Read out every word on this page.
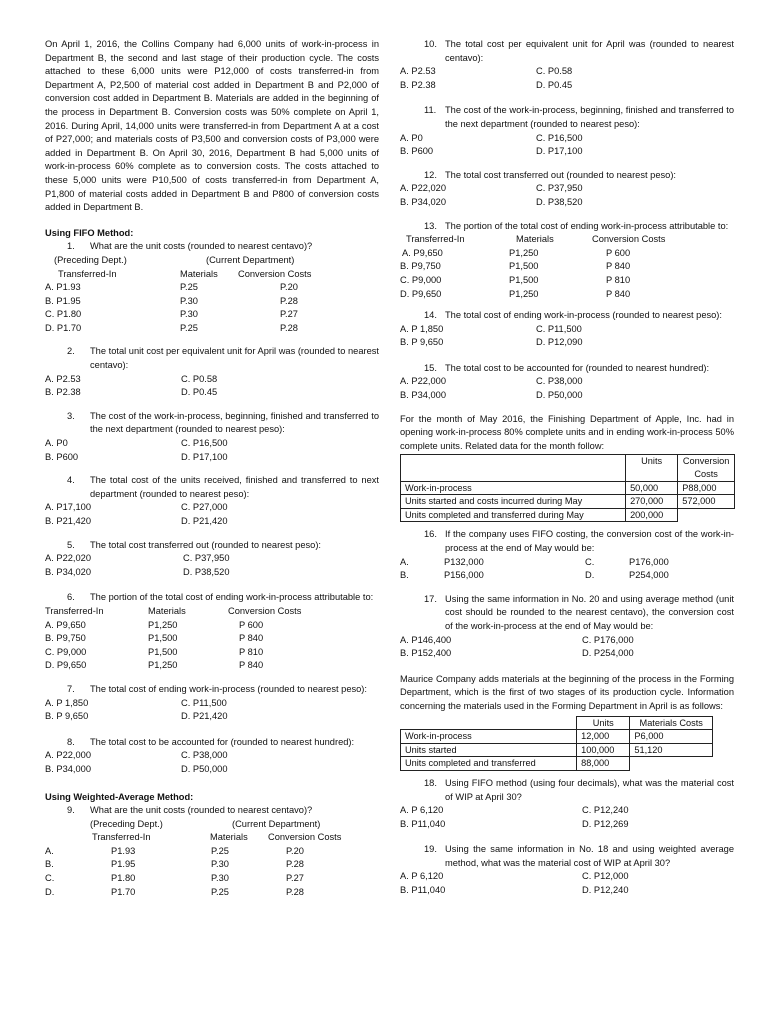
On April 1, 2016, the Collins Company had 6,000 units of work-in-process in Department B, the second and last stage of their production cycle. The costs attached to these 6,000 units were P12,000 of costs transferred-in from Department A, P2,500 of material cost added in Department B and P2,000 of conversion cost added in Department B. Materials are added in the beginning of the process in Department B. Conversion costs was 50% complete on April 1, 2016. During April, 14,000 units were transferred-in from Department A at a cost of P27,000; and materials costs of P3,500 and conversion costs of P3,000 were added in Department B. On April 30, 2016, Department B had 5,000 units of work-in-process 60% complete as to conversion costs. The costs attached to these 5,000 units were P10,500 of costs transferred-in from Department A, P1,800 of material costs added in Department B and P800 of conversion costs added in Department B.

Using FIFO Method:

1. What are the unit costs (rounded to nearest centavo)?
(Preceding Dept.)	(Current Department)
Transferred-In	Materials	Conversion Costs
A. P1.93	P.25	P.20
B. P1.95	P.30	P.28
C. P1.80	P.30	P.27
D. P1.70	P.25	P.28
2. The total unit cost per equivalent unit for April was (rounded to nearest centavo):
A. P2.53	C. P0.58
B. P2.38	D. P0.45
3. The cost of the work-in-process, beginning, finished and transferred to the next department (rounded to nearest peso):
A. P0	C. P16,500
B. P600	D. P17,100
4. The total cost of the units received, finished and transferred to next department (rounded to nearest peso):
A. P17,100	C. P27,000
B. P21,420	D. P21,420
5. The total cost transferred out (rounded to nearest peso):
A. P22,020	C. P37,950
B. P34,020	D. P38,520
6. The portion of the total cost of ending work-in-process attributable to:
Transferred-In	Materials	Conversion Costs
A. P9,650	P1,250	P 600
B. P9,750	P1,500	P 840
C. P9,000	P1,500	P 810
D. P9,650	P1,250	P 840
7. The total cost of ending work-in-process (rounded to nearest peso):
A. P 1,850	C. P11,500
B. P 9,650	D. P21,420
8. The total cost to be accounted for (rounded to nearest hundred):
A. P22,000	C. P38,000
B. P34,000	D. P50,000

Using Weighted-Average Method:

9. What are the unit costs (rounded to nearest centavo)?
(Preceding Dept.)	(Current Department)
Transferred-In	Materials	Conversion Costs
A.	P1.93	P.25	P.20
B.	P1.95	P.30	P.28
C.	P1.80	P.30	P.27
D.	P1.70	P.25	P.28
10. The total cost per equivalent unit for April was (rounded to nearest centavo):
A. P2.53	C. P0.58
B. P2.38	D. P0.45
11. The cost of the work-in-process, beginning, finished and transferred to the next department (rounded to nearest peso):
A. P0	C. P16,500
B. P600	D. P17,100
12. The total cost transferred out (rounded to nearest peso):
A. P22,020	C. P37,950
B. P34,020	D. P38,520
13. The portion of the total cost of ending work-in-process attributable to:
Transferred-In	Materials	Conversion Costs
A. P9,650	P1,250	P 600
B. P9,750	P1,500	P 840
C. P9,000	P1,500	P 810
D. P9,650	P1,250	P 840
14. The total cost of ending work-in-process (rounded to nearest peso):
A. P 1,850	C. P11,500
B. P 9,650	D. P12,090
15. The total cost to be accounted for (rounded to nearest hundred):
A. P22,000	C. P38,000
B. P34,000	D. P50,000

For the month of May 2016, the Finishing Department of Apple, Inc. had in opening work-in-process 80% complete units and in ending work-in-process 50% complete units. Related data for the month follow:

	Units	Conversion Costs
Work-in-process	50,000	P88,000
Units started and costs incurred during May	270,000	572,000
Units completed and transferred during May	200,000	
16. If the company uses FIFO costing, the conversion cost of the work-in-process at the end of May would be:
A.	P132,000	C.	P176,000
B.	P156,000	D.	P254,000
17. Using the same information in No. 20 and using average method (unit cost should be rounded to the nearest centavo), the conversion cost of the work-in-process at the end of May would be:
A. P146,400	C. P176,000
B. P152,400	D. P254,000

Maurice Company adds materials at the beginning of the process in the Forming Department, which is the first of two stages of its production cycle. Information concerning the materials used in the Forming Department in April is as follows:

	Units	Materials Costs
Work-in-process	12,000	P6,000
Units started	100,000	51,120
Units completed and transferred	88,000	
18. Using FIFO method (using four decimals), what was the material cost of WIP at April 30?
A. P 6,120	C. P12,240
B. P11,040	D. P12,269
19. Using the same information in No. 18 and using weighted average method, what was the material cost of WIP at April 30?
A. P 6,120	C. P12,000
B. P11,040	D. P12,240
